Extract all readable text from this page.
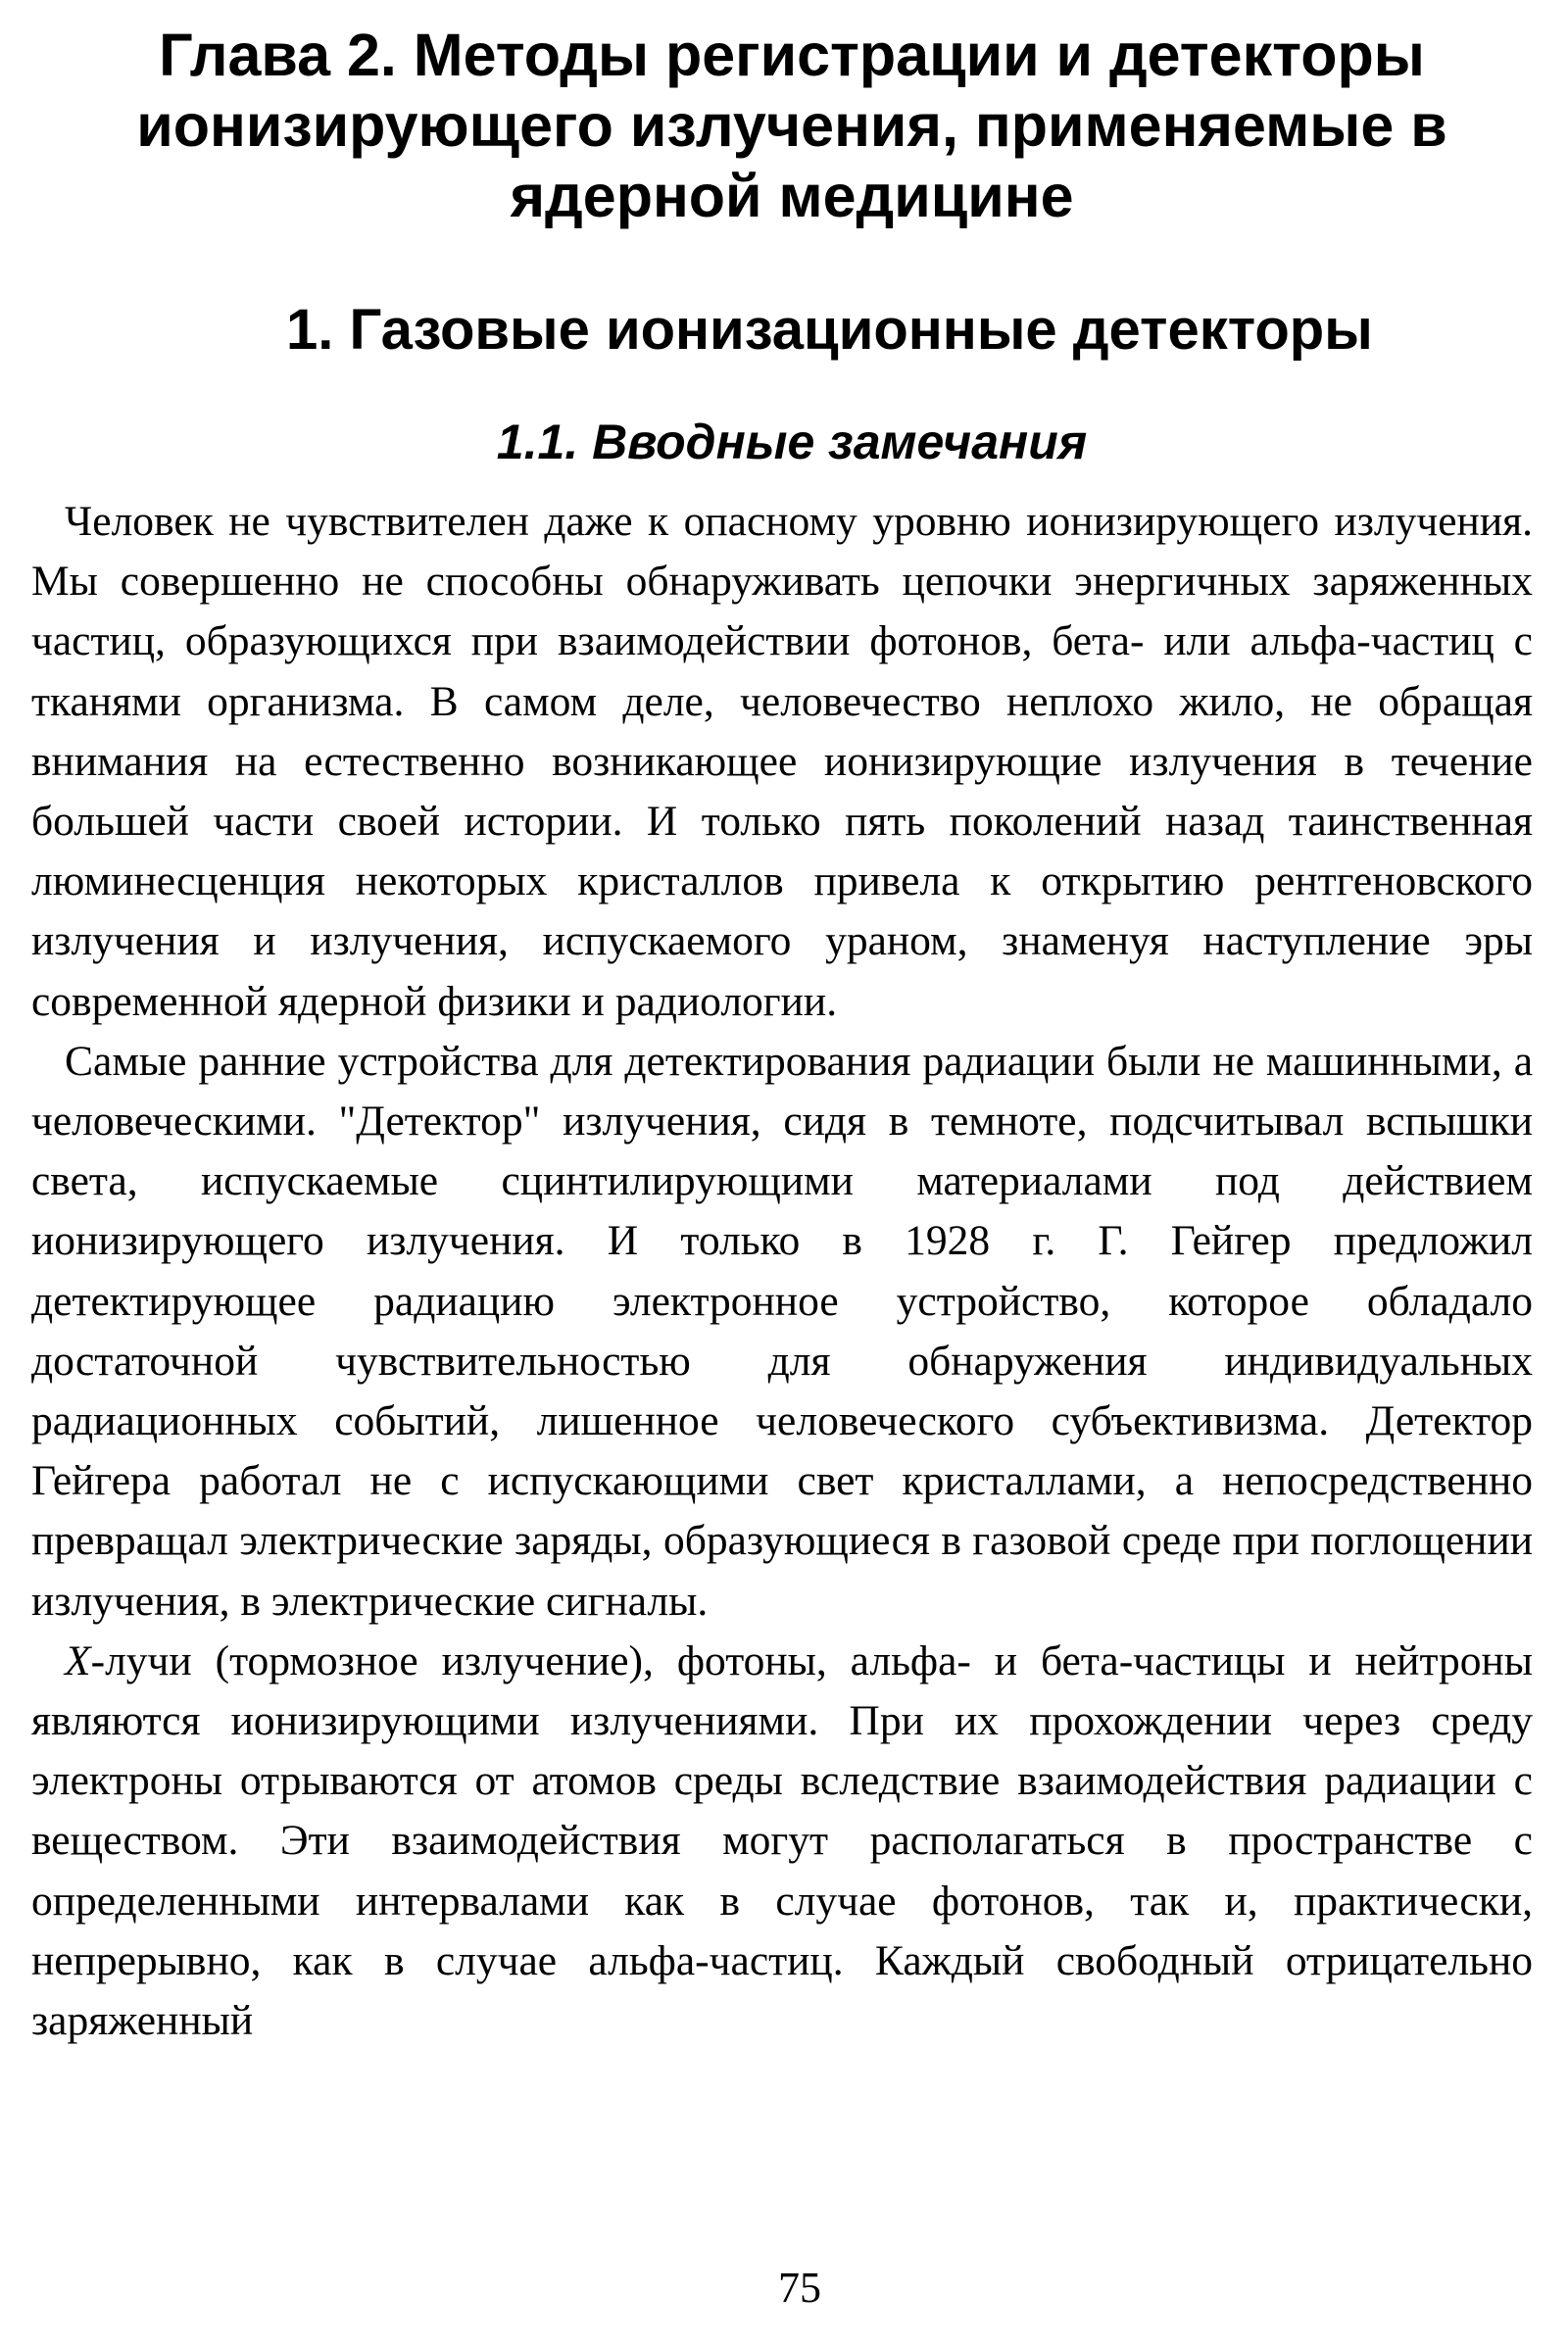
Глава 2. Методы регистрации и детекторы
ионизирующего излучения, применяемые в
ядерной медицине
1. Газовые ионизационные детекторы
1.1. Вводные замечания

Человек не чувствителен даже к опасному уровню ионизирующего излучения. Мы совершенно не способны обнаруживать цепочки энергичных заряженных частиц, образующихся при взаимодействии фотонов, бета- или альфа-частиц с тканями организма. В самом деле, человечество неплохо жило, не обращая внимания на естественно возникающее ионизирующие излучения в течение большей части своей истории. И только пять поколений назад таинственная люминесценция некоторых кристаллов привела к открытию рентгеновского излучения и излучения, испускаемого ураном, знаменуя наступление эры современной ядерной физики и радиологии.

Самые ранние устройства для детектирования радиации были не машинными, а человеческими. "Детектор" излучения, сидя в темноте, подсчитывал вспышки света, испускаемые сцинтилирующими материалами под действием ионизирующего излучения. И только в 1928 г. Г. Гейгер предложил детектирующее радиацию электронное устройство, которое обладало достаточной чувствительностью для обнаружения индивидуальных радиационных событий, лишенное человеческого субъективизма. Детектор Гейгера работал не с испускающими свет кристаллами, а непосредственно превращал электрические заряды, образующиеся в газовой среде при поглощении излучения, в электрические сигналы.

X-лучи (тормозное излучение), фотоны, альфа- и бета-частицы и нейтроны являются ионизирующими излучениями. При их прохождении через среду электроны отрываются от атомов среды вследствие взаимодействия радиации с веществом. Эти взаимодействия могут располагаться в пространстве с определенными интервалами как в случае фотонов, так и, практически, непрерывно, как в случае альфа-частиц. Каждый свободный отрицательно заряженный

75
